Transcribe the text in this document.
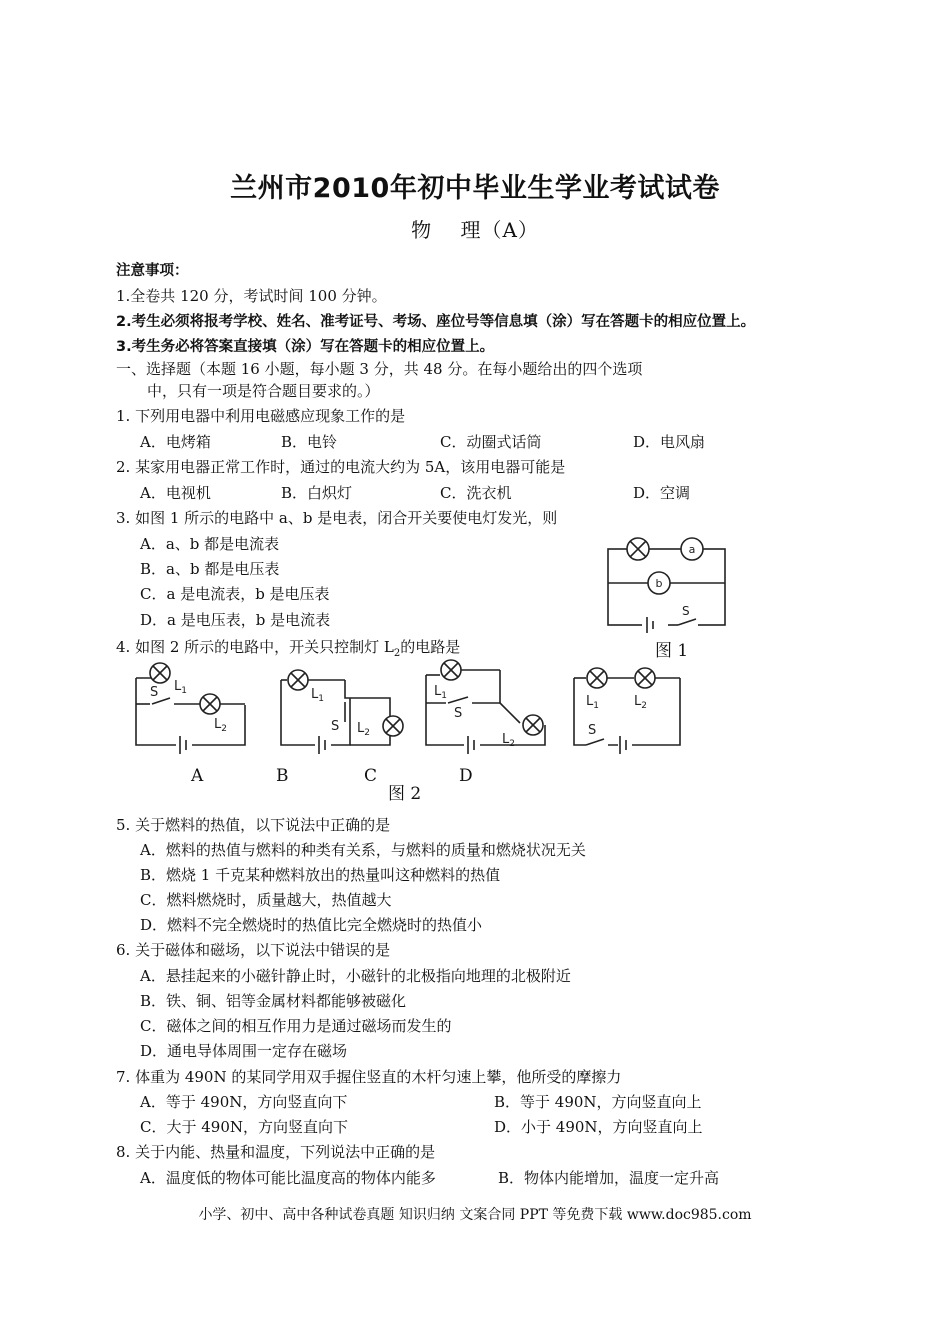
兰州市2010年初中毕业生学业考试试卷
物　 理（A）
注意事项：
1.全卷共 120 分，考试时间 100 分钟。
2.考生必须将报考学校、姓名、准考证号、考场、座位号等信息填（涂）写在答题卡的相应位置上。
3.考生务必将答案直接填（涂）写在答题卡的相应位置上。
一、选择题（本题 16 小题，每小题 3 分，共 48 分。在每小题给出的四个选项
中，只有一项是符合题目要求的。）
1. 下列用电器中利用电磁感应现象工作的是
A．电烤箱	B．电铃	C．动圈式话筒	D．电风扇
2. 某家用电器正常工作时，通过的电流大约为 5A，该用电器可能是
A．电视机	B．白炽灯	C．洗衣机	D．空调
3. 如图 1 所示的电路中 a、b 是电表，闭合开关要使电灯发光，则
A．a、b 都是电流表
B．a、b 都是电压表
C．a 是电流表，b 是电压表
D．a 是电压表，b 是电流表
a
b
S
图 1
4. 如图 2 所示的电路中，开关只控制灯 $L_2$的电路是
S $L_1$
$L_2$
$L_1$
S $L_2$
$L_1$
S
$L_2$
$L_1$	$L_2$
S
A	B	C	D
图 2
5. 关于燃料的热值，以下说法中正确的是
A．燃料的热值与燃料的种类有关系，与燃料的质量和燃烧状况无关
B．燃烧 1 千克某种燃料放出的热量叫这种燃料的热值
C．燃料燃烧时，质量越大，热值越大
D．燃料不完全燃烧时的热值比完全燃烧时的热值小
6. 关于磁体和磁场，以下说法中错误的是
A．悬挂起来的小磁针静止时，小磁针的北极指向地理的北极附近
B．铁、铜、铝等金属材料都能够被磁化
C．磁体之间的相互作用力是通过磁场而发生的
D．通电导体周围一定存在磁场
7. 体重为 490N 的某同学用双手握住竖直的木杆匀速上攀，他所受的摩擦力
A．等于 490N，方向竖直向下	B．等于 490N，方向竖直向上
C．大于 490N，方向竖直向下	D．小于 490N，方向竖直向上
8. 关于内能、热量和温度，下列说法中正确的是
A．温度低的物体可能比温度高的物体内能多	B．物体内能增加，温度一定升高
小学、初中、高中各种试卷真题 知识归纳 文案合同 PPT 等免费下载 www.doc985.com
